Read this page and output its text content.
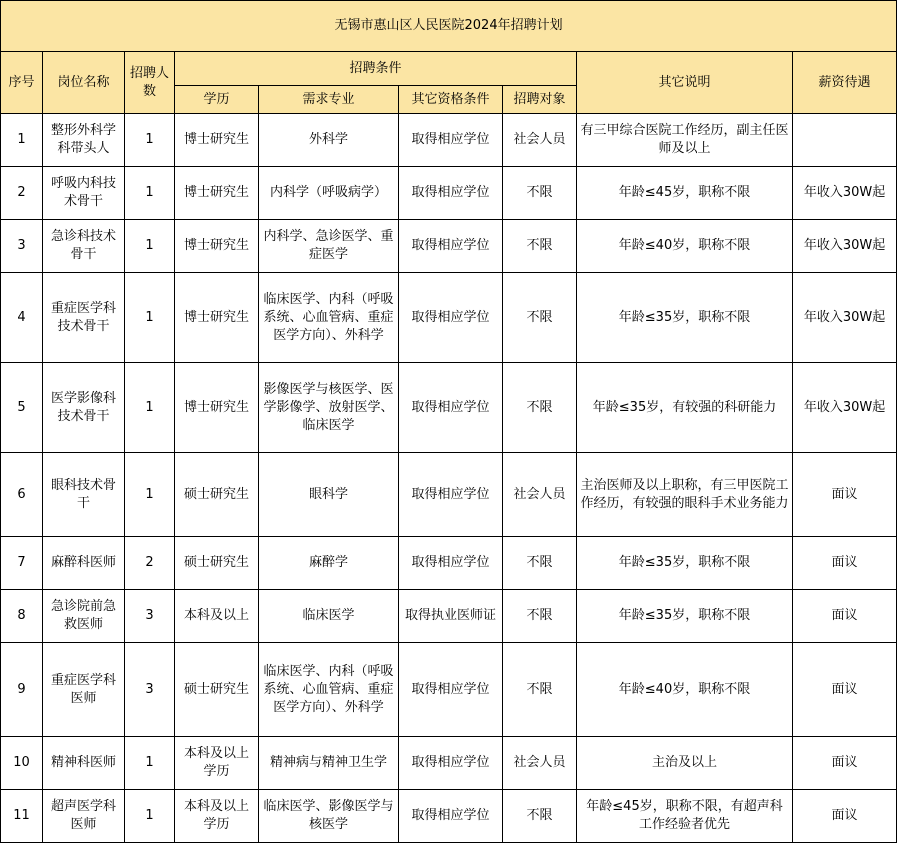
无锡市惠山区人民医院2024年招聘计划								
序号	岗位名称	招聘人数	招聘条件				其它说明	薪资待遇
			学历	需求专业	其它资格条件	招聘对象		
1	整形外科学科带头人	1	博士研究生	外科学	取得相应学位	社会人员	有三甲综合医院工作经历，副主任医师及以上	
2	呼吸内科技术骨干	1	博士研究生	内科学（呼吸病学）	取得相应学位	不限	年龄≤45岁，职称不限	年收入30W起
3	急诊科技术骨干	1	博士研究生	内科学、急诊医学、重症医学	取得相应学位	不限	年龄≤40岁，职称不限	年收入30W起
4	重症医学科技术骨干	1	博士研究生	临床医学、内科（呼吸系统、心血管病、重症医学方向）、外科学	取得相应学位	不限	年龄≤35岁，职称不限	年收入30W起
5	医学影像科技术骨干	1	博士研究生	影像医学与核医学、医学影像学、放射医学、临床医学	取得相应学位	不限	年龄≤35岁，有较强的科研能力	年收入30W起
6	眼科技术骨干	1	硕士研究生	眼科学	取得相应学位	社会人员	主治医师及以上职称，有三甲医院工作经历，有较强的眼科手术业务能力	面议
7	麻醉科医师	2	硕士研究生	麻醉学	取得相应学位	不限	年龄≤35岁，职称不限	面议
8	急诊院前急救医师	3	本科及以上	临床医学	取得执业医师证	不限	年龄≤35岁，职称不限	面议
9	重症医学科医师	3	硕士研究生	临床医学、内科（呼吸系统、心血管病、重症医学方向）、外科学	取得相应学位	不限	年龄≤40岁，职称不限	面议
10	精神科医师	1	本科及以上学历	精神病与精神卫生学	取得相应学位	社会人员	主治及以上	面议
11	超声医学科医师	1	本科及以上学历	临床医学、影像医学与核医学	取得相应学位	不限	年龄≤45岁，职称不限，有超声科工作经验者优先	面议
